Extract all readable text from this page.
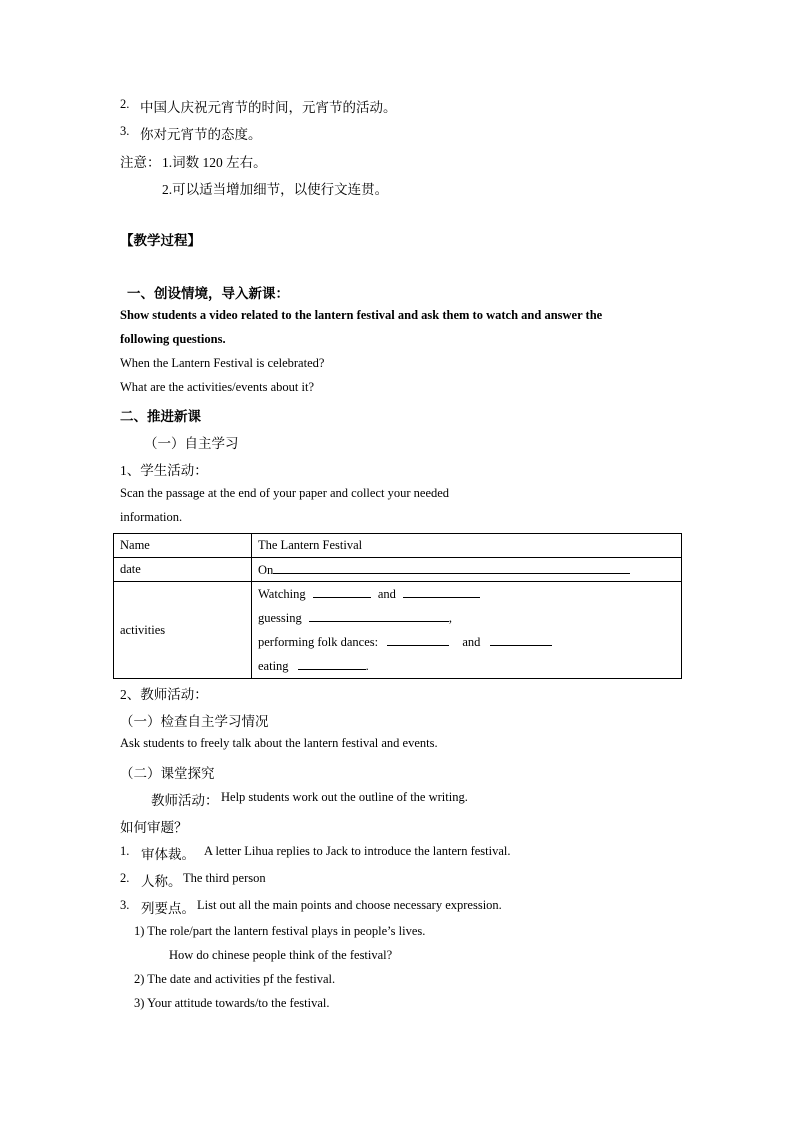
2. 中国人庆祝元宵节的时间，元宵节的活动。
3. 你对元宵节的态度。
注意： 1.词数 120 左右。
2.可以适当增加细节，以使行文连贯。
【教学过程】
一、创设情境，导入新课：
Show students a video related to the lantern festival and ask them to watch and answer the
following questions.
When the Lantern Festival is celebrated?
What are the activities/events about it?
二、推进新课
（一）自主学习
1、学生活动：
Scan the passage at the end of your paper and collect your needed
information.
Name	The Lantern Festival
date	On
activities	Watching and
guessing ,
performing folk dances: and
eating .
2、教师活动：
（一）检查自主学习情况
Ask students to freely talk about the lantern festival and events.
（二）课堂探究
教师活动： Help students work out the outline of the writing.
如何审题？
1. 审体裁。 A letter Lihua replies to Jack to introduce the lantern festival.
2. 人称。 The third person
3. 列要点。 List out all the main points and choose necessary expression.
1) The role/part the lantern festival plays in people’s lives.
How do chinese people think of the festival?
2) The date and activities pf the festival.
3) Your attitude towards/to the festival.
